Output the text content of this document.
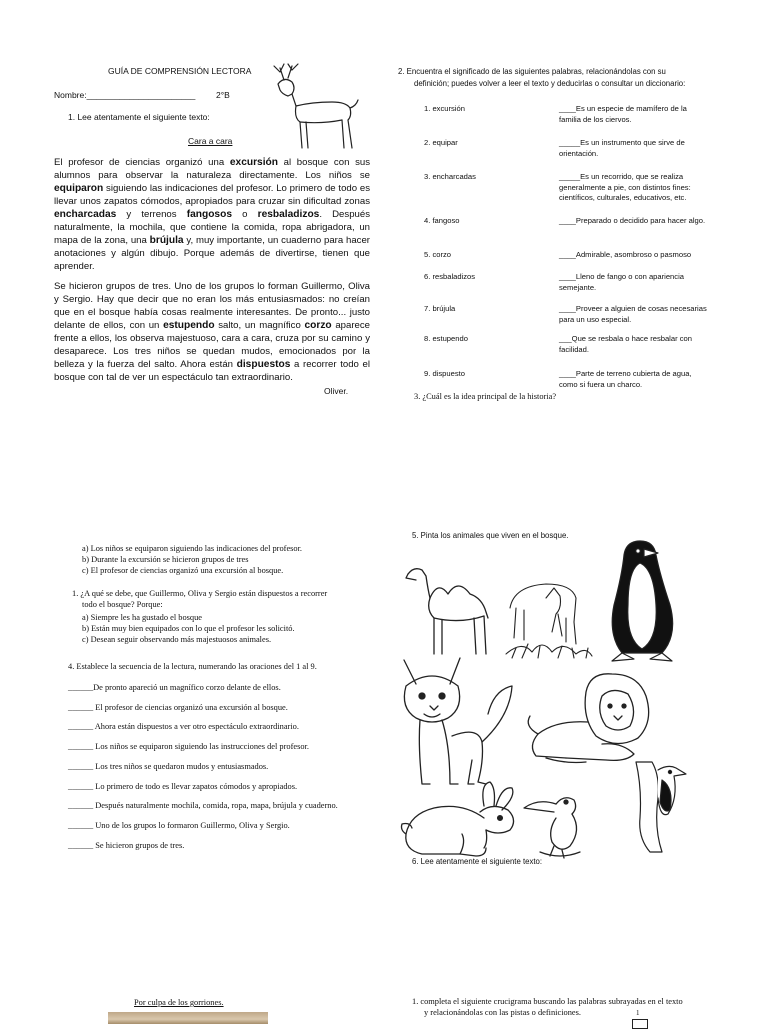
GUÍA DE COMPRENSIÓN LECTORA
Nombre:_______________________ 2°B
1. Lee atentamente el siguiente texto:
Cara a cara
El profesor de ciencias organizó una excursión al bosque con sus alumnos para observar la naturaleza directamente. Los niños se equiparon siguiendo las indicaciones del profesor. Lo primero de todo es llevar unos zapatos cómodos, apropiados para cruzar sin dificultad zonas encharcadas y terrenos fangosos o resbaladizos. Después naturalmente, la mochila, que contiene la comida, ropa abrigadora, un mapa de la zona, una brújula y, muy importante, un cuaderno para hacer anotaciones y algún dibujo. Porque además de divertirse, tienen que aprender.
Se hicieron grupos de tres. Uno de los grupos lo forman Guillermo, Oliva y Sergio. Hay que decir que no eran los más entusiasmados: no creían que en el bosque había cosas realmente interesantes. De pronto... justo delante de ellos, con un estupendo salto, un magnífico corzo aparece frente a ellos, los observa majestuoso, cara a cara, cruza por su camino y desaparece. Los tres niños se quedan mudos, emocionados por la belleza y la fuerza del salto. Ahora están dispuestos a recorrer todo el bosque con tal de ver un espectáculo tan extraordinario.
Oliver.
2. Encuentra el significado de las siguientes palabras, relacionándolas con su
definición; puedes volver a leer el texto y deducirlas o consultar un diccionario:
1. excursión	____Es un especie de mamífero de la familia de los ciervos.
2. equipar	_____Es un instrumento que sirve de orientación.
3. encharcadas	_____Es un recorrido, que se realiza generalmente a pie, con distintos fines: científicos, culturales, educativos, etc.
4. fangoso	____Preparado o decidido para hacer algo.
5. corzo	____Admirable, asombroso o pasmoso
6. resbaladizos	____Lleno de fango o con apariencia semejante.
7. brújula	____Proveer a alguien de cosas necesarias para un uso especial.
8. estupendo	___Que se resbala o hace resbalar con facilidad.
9. dispuesto	____Parte de terreno cubierta de agua, como si fuera un charco.
3. ¿Cuál es la idea principal de la historia?
a) Los niños se equiparon siguiendo las indicaciones del profesor.
b) Durante la excursión se hicieron grupos de tres
c) El profesor de ciencias organizó una excursión al bosque.
1. ¿A qué se debe, que Guillermo, Oliva y Sergio están dispuestos a recorrer
todo el bosque? Porque:
a) Siempre les ha gustado el bosque
b) Están muy bien equipados con lo que el profesor les solicitó.
c) Desean seguir observando más majestuosos animales.
4. Establece la secuencia de la lectura, numerando las oraciones del 1 al 9.
______De pronto apareció un magnífico corzo delante de ellos.
______ El profesor de ciencias organizó una excursión al bosque.
______ Ahora están dispuestos a ver otro espectáculo extraordinario.
______ Los niños se equiparon siguiendo las instrucciones del profesor.
______ Los tres niños se quedaron mudos y entusiasmados.
______ Lo primero de todo es llevar zapatos cómodos y apropiados.
______ Después naturalmente mochila, comida, ropa, mapa, brújula y cuaderno.
______ Uno de los grupos lo formaron Guillermo, Oliva y Sergio.
______ Se hicieron grupos de tres.
Por culpa de los gorriones.
5. Pinta los animales que viven en el bosque.
6. Lee atentamente el siguiente texto:
1. completa el siguiente crucigrama buscando las palabras subrayadas en el texto
y relacionándolas con las pistas o definiciones.	1
